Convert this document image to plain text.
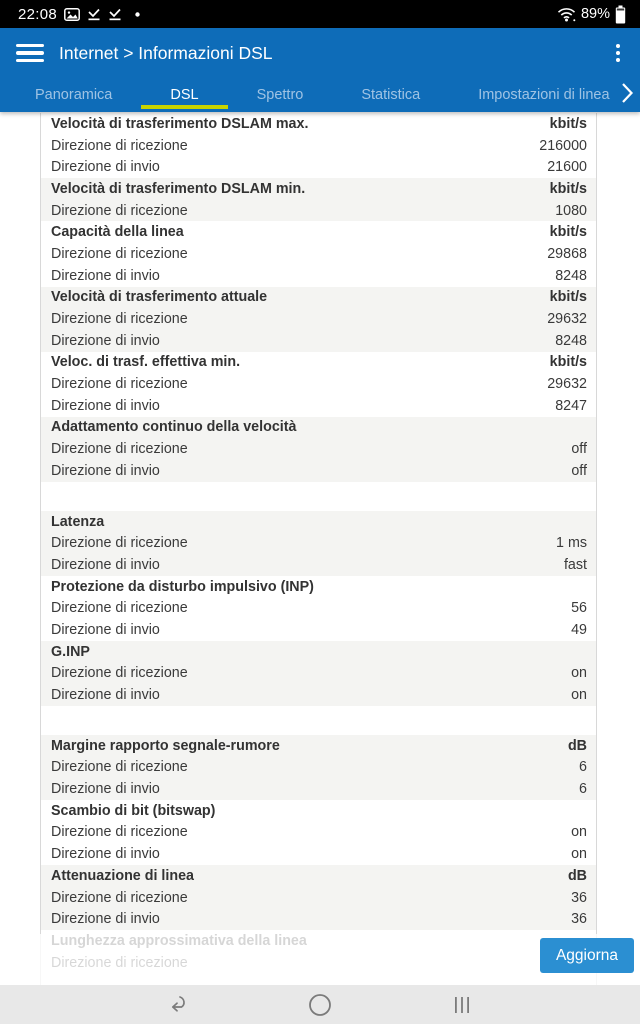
22:08	89%
Internet > Informazioni DSL
Panoramica	DSL	Spettro	Statistica	Impostazioni di linea
Velocità di trasferimento DSLAM max.	kbit/s
Direzione di ricezione	216000
Direzione di invio	21600
Velocità di trasferimento DSLAM min.	kbit/s
Direzione di ricezione	1080
Capacità della linea	kbit/s
Direzione di ricezione	29868
Direzione di invio	8248
Velocità di trasferimento attuale	kbit/s
Direzione di ricezione	29632
Direzione di invio	8248
Veloc. di trasf. effettiva min.	kbit/s
Direzione di ricezione	29632
Direzione di invio	8247
Adattamento continuo della velocità
Direzione di ricezione	off
Direzione di invio	off
Latenza
Direzione di ricezione	1 ms
Direzione di invio	fast
Protezione da disturbo impulsivo (INP)
Direzione di ricezione	56
Direzione di invio	49
G.INP
Direzione di ricezione	on
Direzione di invio	on
Margine rapporto segnale-rumore	dB
Direzione di ricezione	6
Direzione di invio	6
Scambio di bit (bitswap)
Direzione di ricezione	on
Direzione di invio	on
Attenuazione di linea	dB
Direzione di ricezione	36
Direzione di invio	36
Aggiorna
